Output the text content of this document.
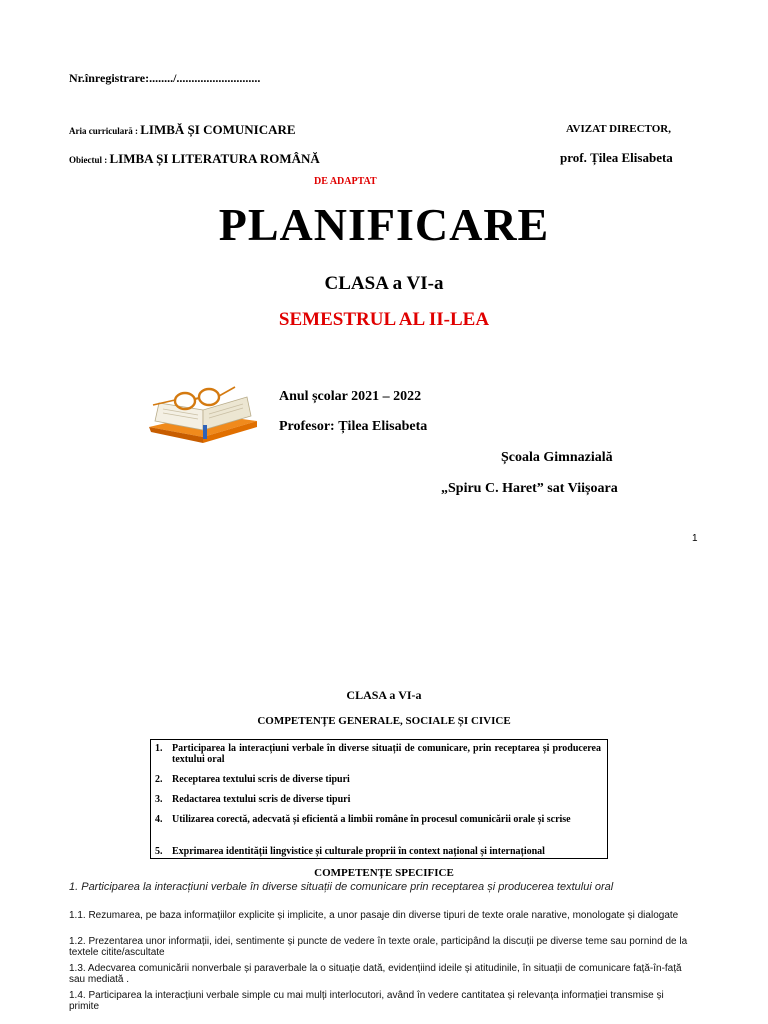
Nr.înregistrare:......../............................
Aria curriculară : LIMBĂ ȘI COMUNICARE
Obiectul : LIMBA ȘI LITERATURA ROMÂNĂ
AVIZAT DIRECTOR,
prof. Țilea Elisabeta
DE ADAPTAT
PLANIFICARE
CLASA a VI-a
SEMESTRUL AL II-LEA
Anul școlar 2021 – 2022
Profesor: Țilea Elisabeta
Școala Gimnazială
„Spiru C. Haret” sat Viișoara
1
CLASA a VI-a
COMPETENȚE GENERALE, SOCIALE ȘI CIVICE
1. Participarea la interacțiuni verbale în diverse situații de comunicare, prin receptarea și producerea textului oral
2. Receptarea textului scris de diverse tipuri
3. Redactarea textului scris de diverse tipuri
4. Utilizarea corectă, adecvată și eficientă a limbii române în procesul comunicării orale și scrise
5. Exprimarea identității lingvistice și culturale proprii în context național și internațional
COMPETENȚE SPECIFICE
1. Participarea la interacțiuni verbale în diverse situații de comunicare prin receptarea și producerea textului oral
1.1. Rezumarea, pe baza informațiilor explicite și implicite, a unor pasaje din diverse tipuri de texte orale narative, monologate și dialogate
1.2. Prezentarea unor informații, idei, sentimente și puncte de vedere în texte orale, participând la discuții pe diverse teme sau pornind de la textele citite/ascultate
1.3. Adecvarea comunicării nonverbale și paraverbale la o situație dată, evidențiind ideile și atitudinile, în situații de comunicare față-în-față sau mediată .
1.4. Participarea la interacțiuni verbale simple cu mai mulți interlocutori, având în vedere cantitatea și relevanța informației transmise și primite
